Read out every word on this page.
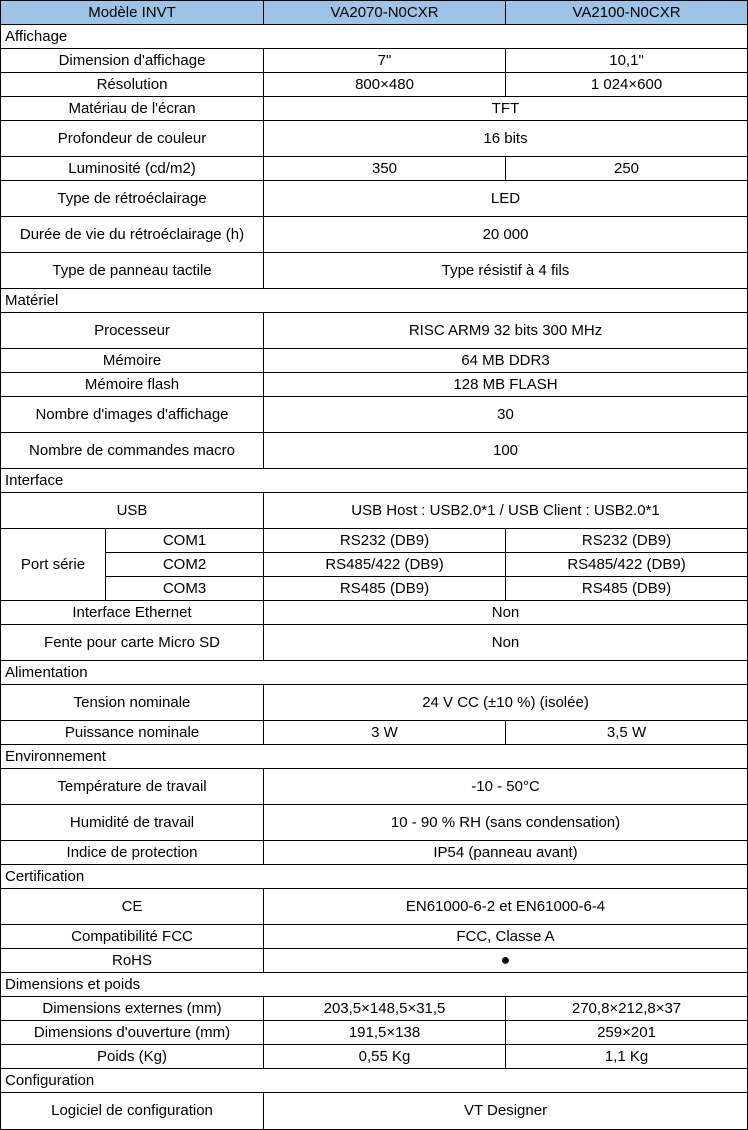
Modèle INVT		VA2070-N0CXR	VA2100-N0CXR
Affichage			
Dimension d'affichage		7"	10,1"
Résolution		800×480	1 024×600
Matériau de l'écran		TFT	
Profondeur de couleur		16 bits	
Luminosité (cd/m2)		350	250
Type de rétroéclairage		LED	
Durée de vie du rétroéclairage (h)		20 000	
Type de panneau tactile		Type résistif à 4 fils	
Matériel			
Processeur		RISC ARM9 32 bits 300 MHz	
Mémoire		64 MB DDR3	
Mémoire flash		128 MB FLASH	
Nombre d'images d'affichage		30	
Nombre de commandes macro		100	
Interface			
USB		USB Host : USB2.0*1 / USB Client : USB2.0*1	
Port série	COM1	RS232 (DB9)	RS232 (DB9)
	COM2	RS485/422 (DB9)	RS485/422 (DB9)
	COM3	RS485 (DB9)	RS485 (DB9)
Interface Ethernet		Non	
Fente pour carte Micro SD		Non	
Alimentation			
Tension nominale		24 V CC (±10 %) (isolée)	
Puissance nominale		3 W	3,5 W
Environnement			
Température de travail		-10 - 50°C	
Humidité de travail		10 - 90 % RH (sans condensation)	
Indice de protection		IP54 (panneau avant)	
Certification			
CE		EN61000-6-2 et EN61000-6-4	
Compatibilité FCC		FCC, Classe A	
RoHS		●	
Dimensions et poids			
Dimensions externes (mm)		203,5×148,5×31,5	270,8×212,8×37
Dimensions d'ouverture (mm)		191,5×138	259×201
Poids (Kg)		0,55 Kg	1,1 Kg
Configuration			
Logiciel de configuration		VT Designer	
